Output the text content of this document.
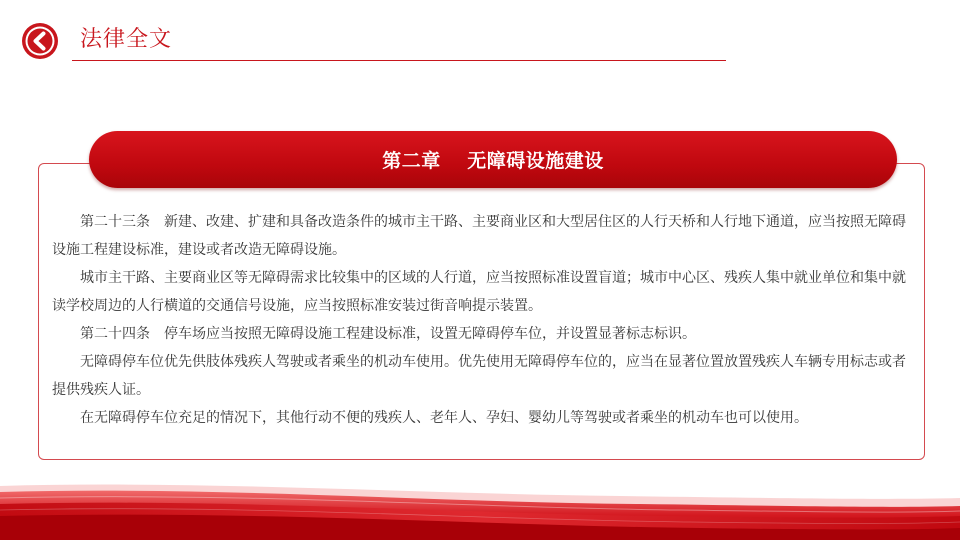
法律全文
第二章　 无障碍设施建设

第二十三条　新建、改建、扩建和具备改造条件的城市主干路、主要商业区和大型居住区的人行天桥和人行地下通道，应当按照无障碍设施工程建设标准，建设或者改造无障碍设施。

城市主干路、主要商业区等无障碍需求比较集中的区域的人行道，应当按照标准设置盲道；城市中心区、残疾人集中就业单位和集中就读学校周边的人行横道的交通信号设施，应当按照标准安装过街音响提示装置。

第二十四条　停车场应当按照无障碍设施工程建设标准，设置无障碍停车位，并设置显著标志标识。

无障碍停车位优先供肢体残疾人驾驶或者乘坐的机动车使用。优先使用无障碍停车位的，应当在显著位置放置残疾人车辆专用标志或者提供残疾人证。

在无障碍停车位充足的情况下，其他行动不便的残疾人、老年人、孕妇、婴幼儿等驾驶或者乘坐的机动车也可以使用。
